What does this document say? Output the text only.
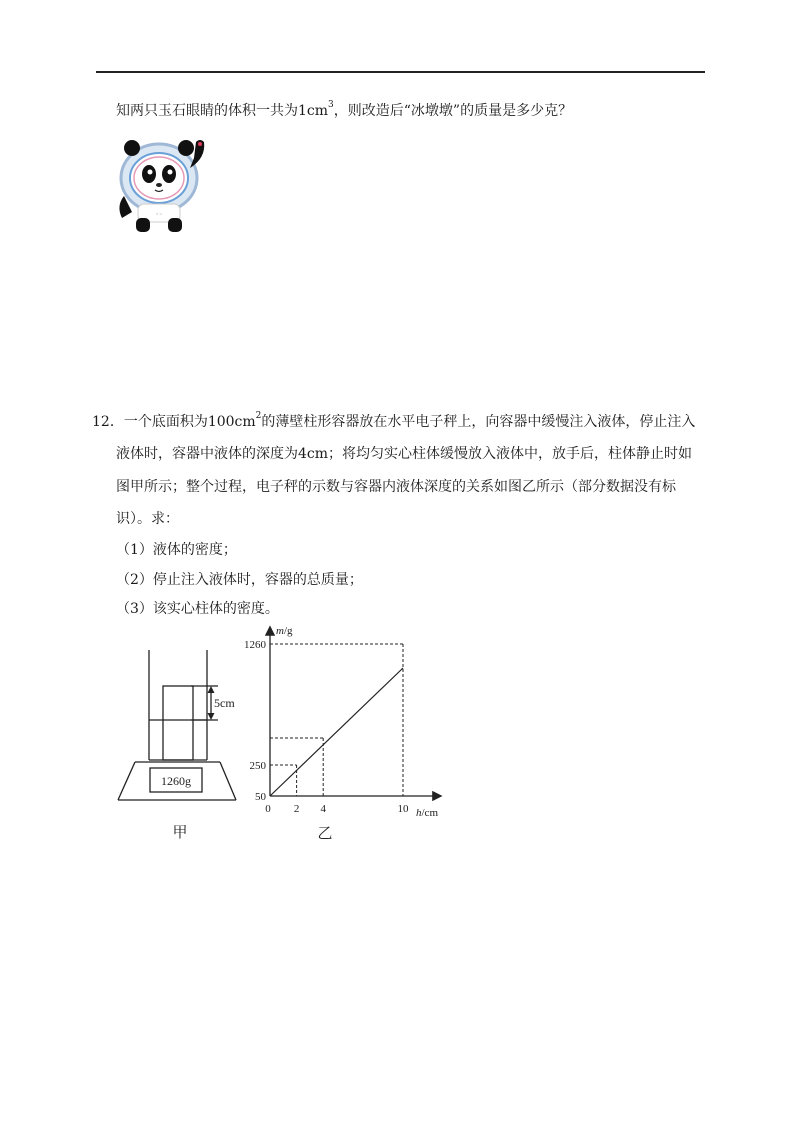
知两只玉石眼睛的体积一共为$1cm^3$，则改造后“冰墩墩”的质量是多少克？
◦◦
12．一个底面积为$100cm^2$的薄壁柱形容器放在水平电子秤上，向容器中缓慢注入液体，停止注入
液体时，容器中液体的深度为4cm；将均匀实心柱体缓慢放入液体中，放手后，柱体静止时如
图甲所示；整个过程，电子秤的示数与容器内液体深度的关系如图乙所示（部分数据没有标
识）。求：
（1）液体的密度；
（2）停止注入液体时，容器的总质量；
（3）该实心柱体的密度。
5cm
1260g
甲
h/cm
m/g
0 2 4	10
50
250
1260
乙
